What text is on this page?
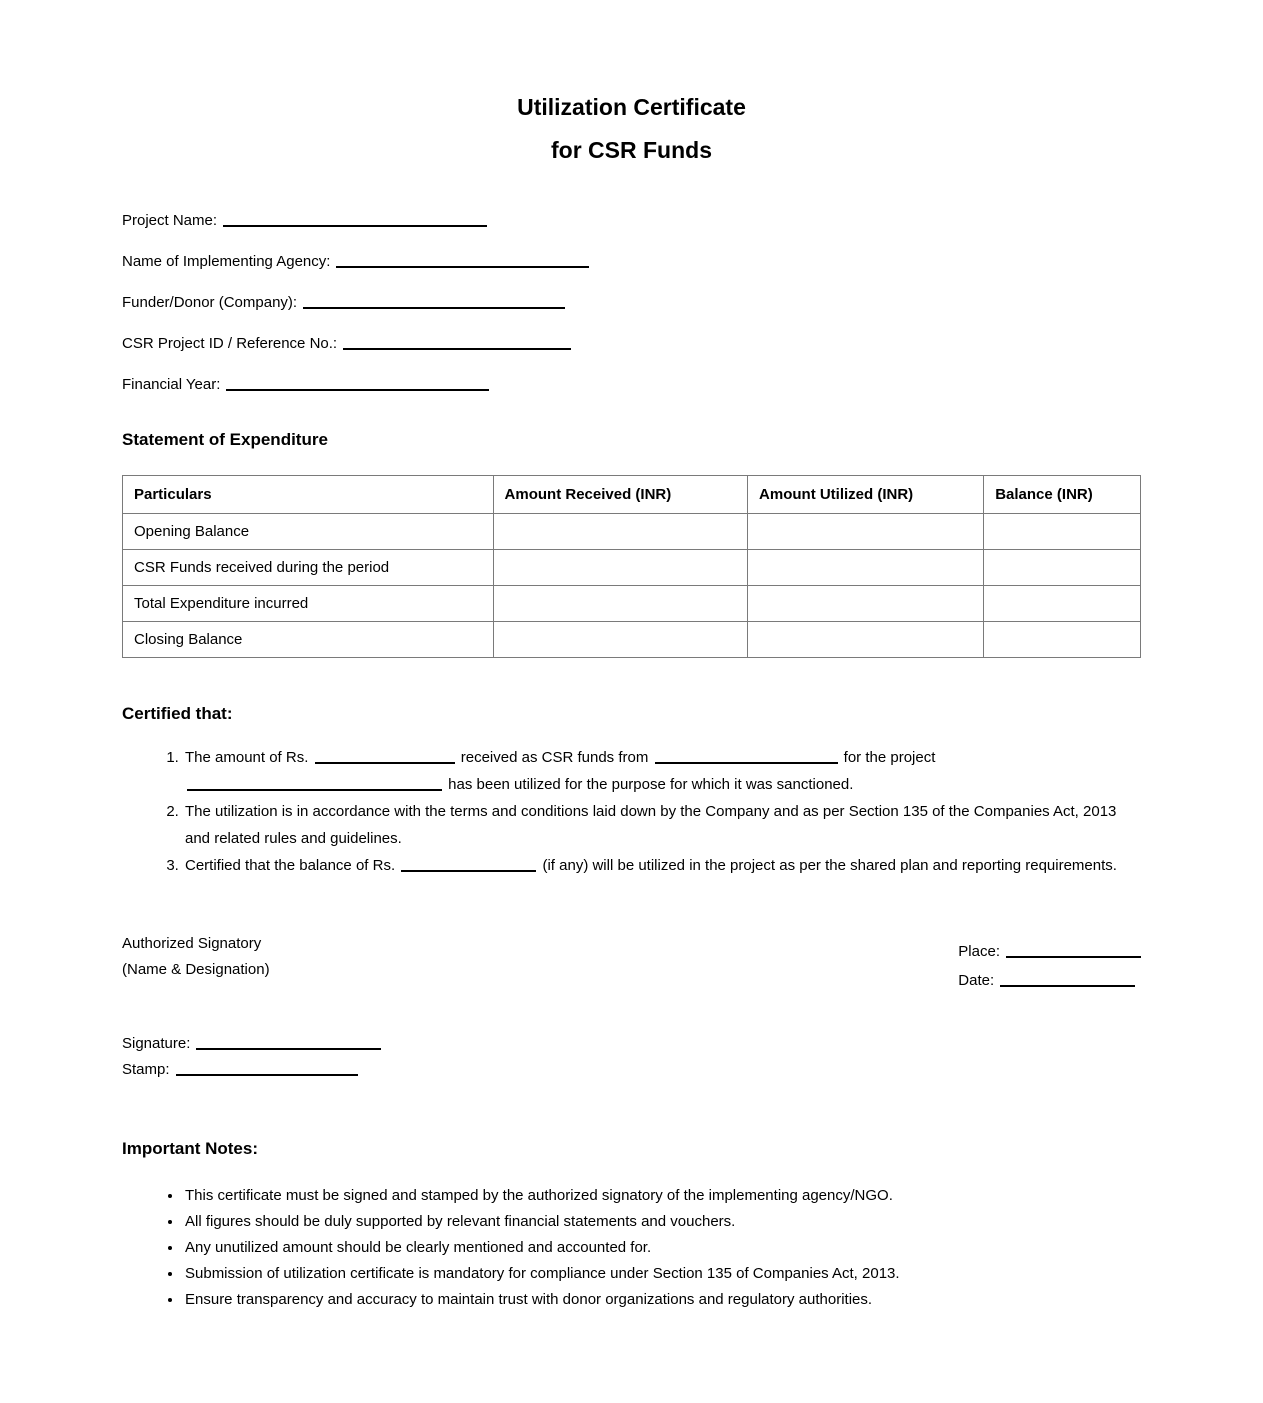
Utilization Certificate
for CSR Funds
Project Name:
Name of Implementing Agency:
Funder/Donor (Company):
CSR Project ID / Reference No.:
Financial Year:
Statement of Expenditure
Particulars	Amount Received (INR)	Amount Utilized (INR)	Balance (INR)
Opening Balance			
CSR Funds received during the period			
Total Expenditure incurred			
Closing Balance			
Certified that:
1. The amount of Rs.	received as CSR funds from	for the project
has been utilized for the purpose for which it was sanctioned.
2. The utilization is in accordance with the terms and conditions laid down by the Company and as per Section 135 of the Companies Act, 2013 and related rules and guidelines.
3. Certified that the balance of Rs.	(if any) will be utilized in the project as per the shared plan and reporting requirements.
Authorized Signatory
(Name & Designation)
Place:
Date:
Signature:
Stamp:
Important Notes:
• This certificate must be signed and stamped by the authorized signatory of the implementing agency/NGO.
• All figures should be duly supported by relevant financial statements and vouchers.
• Any unutilized amount should be clearly mentioned and accounted for.
• Submission of utilization certificate is mandatory for compliance under Section 135 of Companies Act, 2013.
• Ensure transparency and accuracy to maintain trust with donor organizations and regulatory authorities.
